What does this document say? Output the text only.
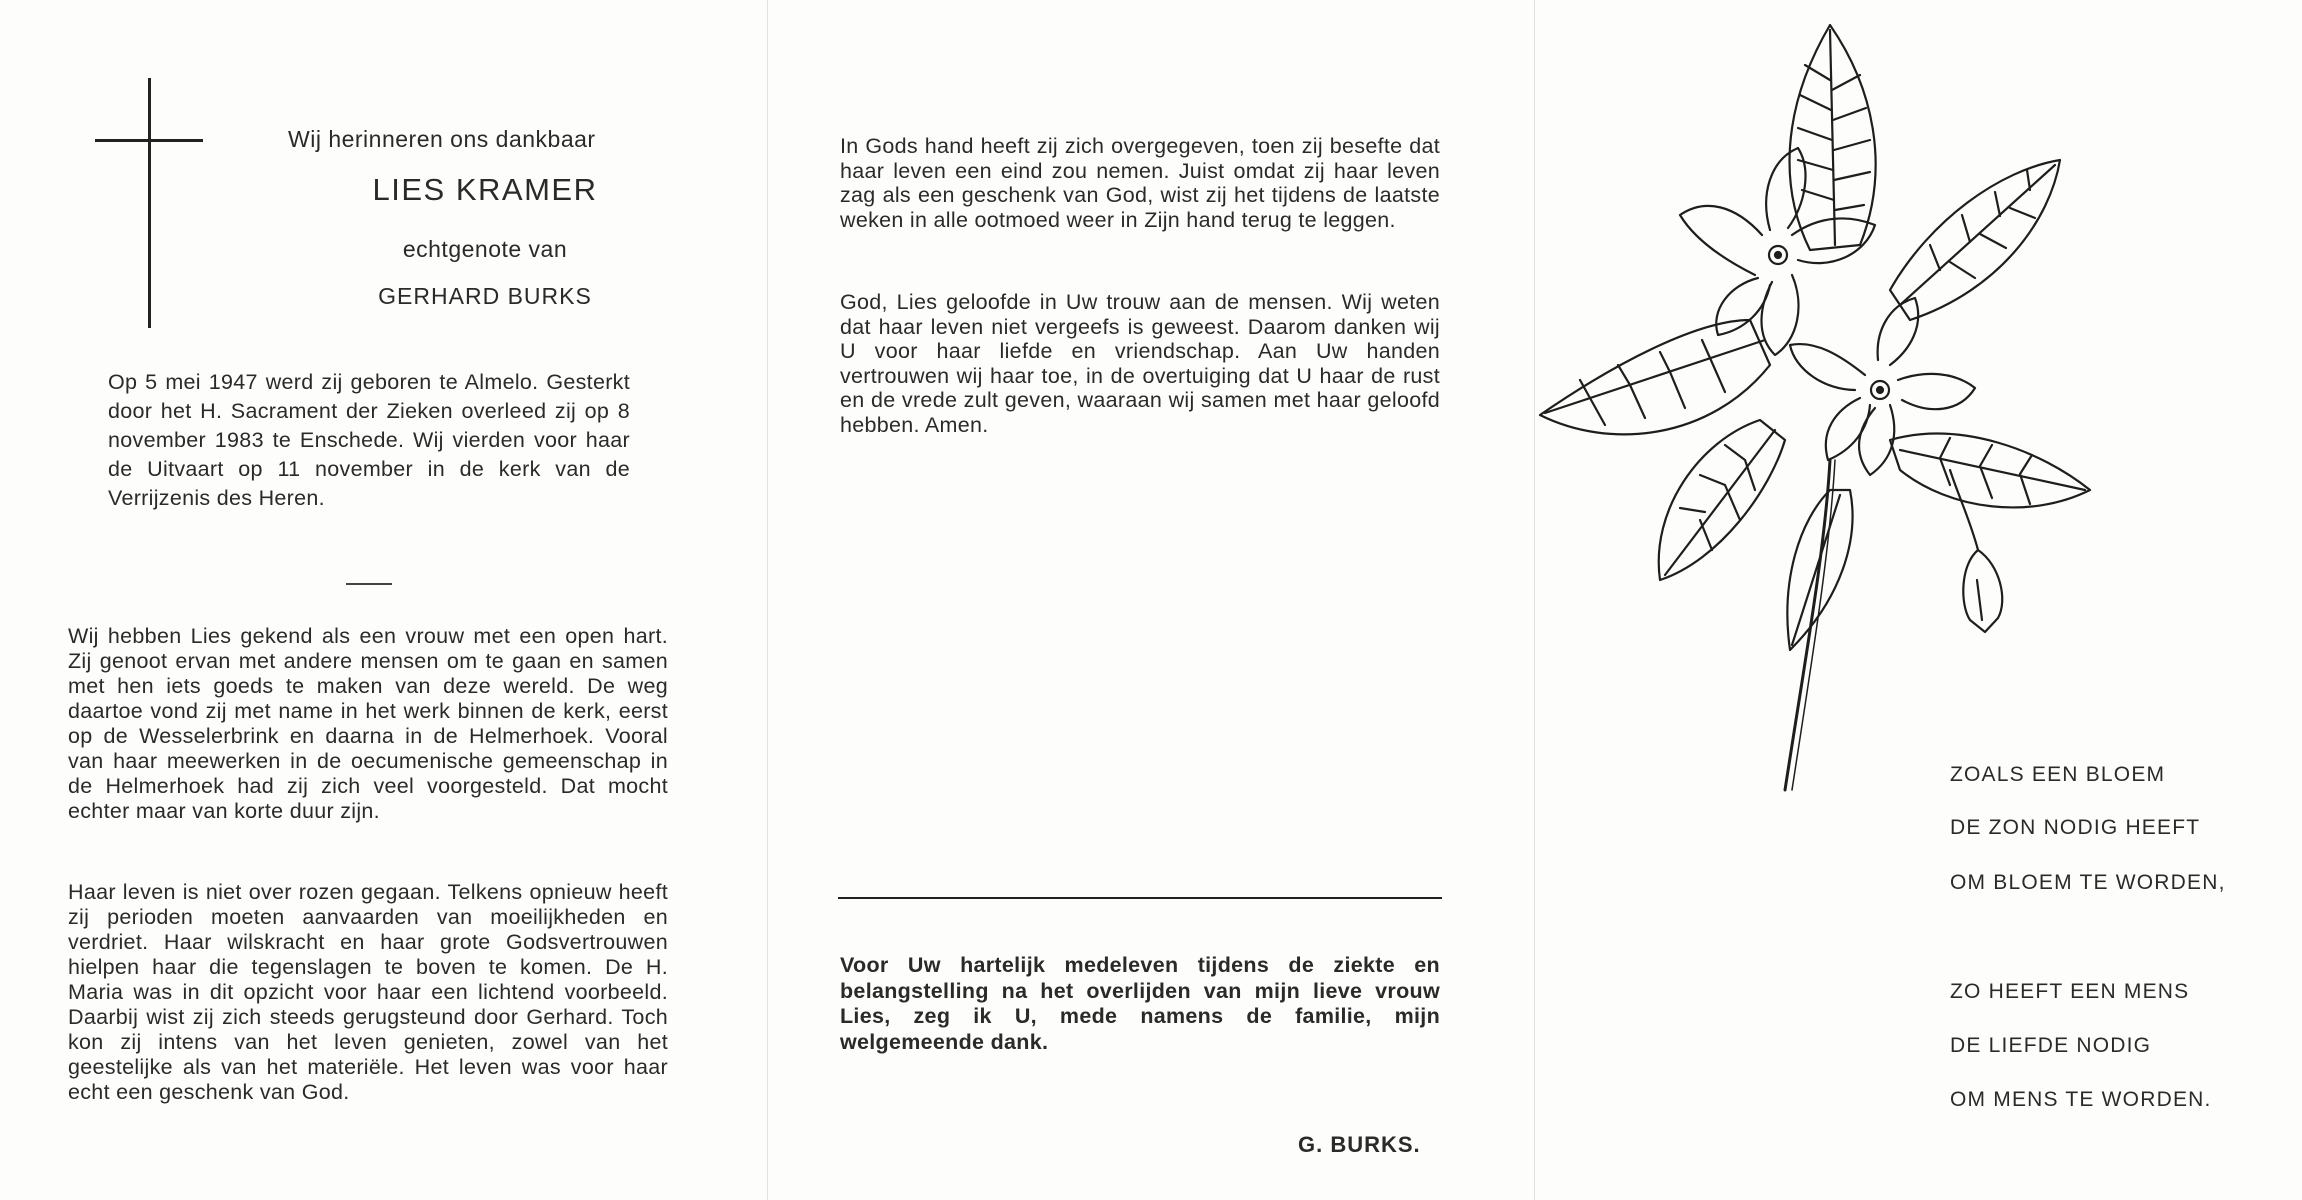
Wij herinneren ons dankbaar
LIES KRAMER
echtgenote van
GERHARD BURKS
Op 5 mei 1947 werd zij geboren te Almelo. Gesterkt door het H. Sacrament der Zieken overleed zij op 8 november 1983 te Enschede. Wij vierden voor haar de Uitvaart op 11 november in de kerk van de Verrijzenis des Heren.
Wij hebben Lies gekend als een vrouw met een open hart. Zij genoot ervan met andere mensen om te gaan en samen met hen iets goeds te maken van deze wereld. De weg daartoe vond zij met name in het werk binnen de kerk, eerst op de Wesselerbrink en daarna in de Helmerhoek. Vooral van haar meewerken in de oecumenische gemeenschap in de Helmerhoek had zij zich veel voorgesteld. Dat mocht echter maar van korte duur zijn.
Haar leven is niet over rozen gegaan. Telkens opnieuw heeft zij perioden moeten aanvaarden van moeilijkheden en verdriet. Haar wilskracht en haar grote Godsvertrouwen hielpen haar die tegenslagen te boven te komen. De H. Maria was in dit opzicht voor haar een lichtend voorbeeld. Daarbij wist zij zich steeds gerugsteund door Gerhard. Toch kon zij intens van het leven genieten, zowel van het geestelijke als van het materiële. Het leven was voor haar echt een geschenk van God.
In Gods hand heeft zij zich overgegeven, toen zij besefte dat haar leven een eind zou nemen. Juist omdat zij haar leven zag als een geschenk van God, wist zij het tijdens de laatste weken in alle ootmoed weer in Zijn hand terug te leggen.
God, Lies geloofde in Uw trouw aan de mensen. Wij weten dat haar leven niet vergeefs is geweest. Daarom danken wij U voor haar liefde en vriendschap. Aan Uw handen vertrouwen wij haar toe, in de overtuiging dat U haar de rust en de vrede zult geven, waaraan wij samen met haar geloofd hebben. Amen.
Voor Uw hartelijk medeleven tijdens de ziekte en belangstelling na het overlijden van mijn lieve vrouw Lies, zeg ik U, mede namens de familie, mijn welgemeende dank.
G. BURKS.
ZOALS EEN BLOEM
DE ZON NODIG HEEFT
OM BLOEM TE WORDEN,
ZO HEEFT EEN MENS
DE LIEFDE NODIG
OM MENS TE WORDEN.
